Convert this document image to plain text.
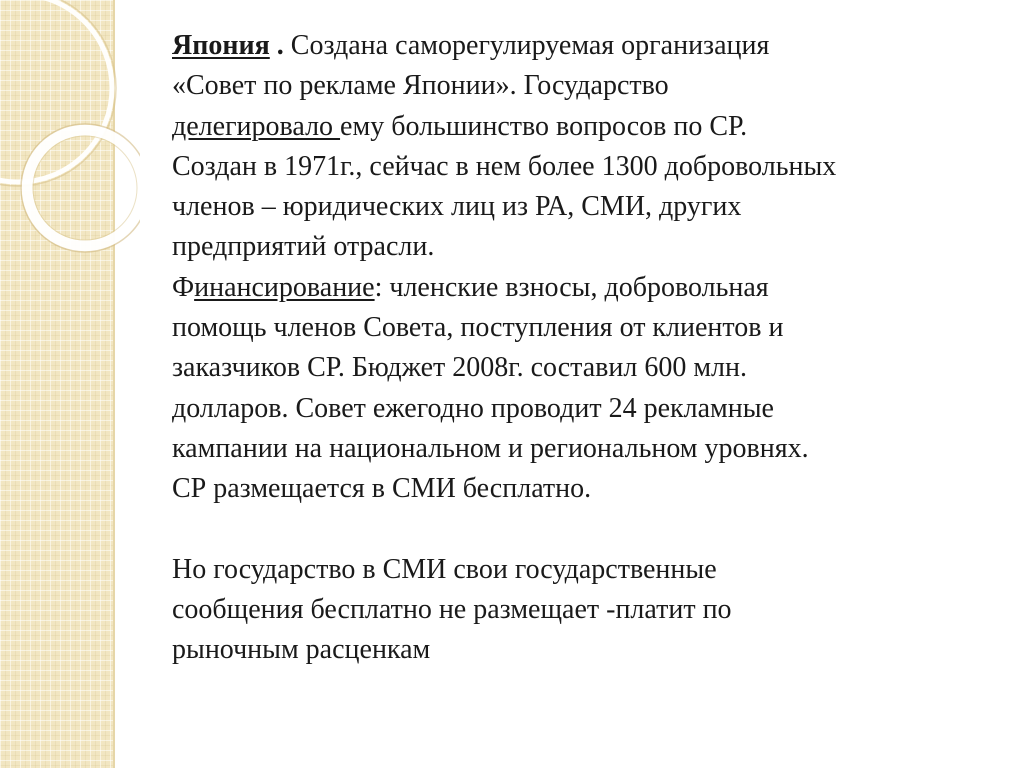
Япония . Создана саморегулируемая организация
«Совет по рекламе Японии». Государство
делегировало ему большинство вопросов по СР.
Создан в 1971г., сейчас в нем более 1300 добровольных
членов – юридических лиц из РА, СМИ, других
предприятий отрасли.
Финансирование: членские взносы, добровольная
помощь членов Совета, поступления от клиентов и
заказчиков СР. Бюджет 2008г. составил 600 млн.
долларов. Совет ежегодно проводит 24 рекламные
кампании на национальном и региональном уровнях.
СР размещается в СМИ бесплатно.
Но государство в СМИ свои государственные
сообщения бесплатно не размещает -платит по
рыночным расценкам
